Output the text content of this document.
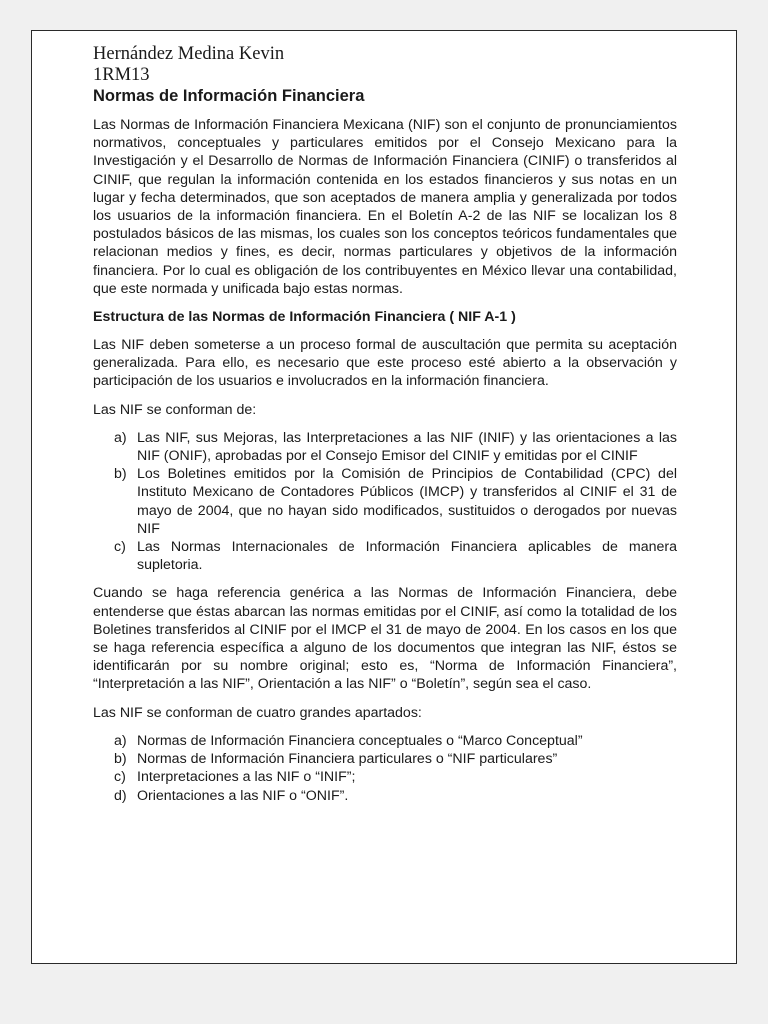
Hernández Medina Kevin

1RM13

Normas de Información Financiera

Las Normas de Información Financiera Mexicana (NIF) son el conjunto de pronunciamientos normativos, conceptuales y particulares emitidos por el Consejo Mexicano para la Investigación y el Desarrollo de Normas de Información Financiera (CINIF) o transferidos al CINIF, que regulan la información contenida en los estados financieros y sus notas en un lugar y fecha determinados, que son aceptados de manera amplia y generalizada por todos los usuarios de la información financiera. En el Boletín A-2 de las NIF se localizan los 8 postulados básicos de las mismas, los cuales son los conceptos teóricos fundamentales que relacionan medios y fines, es decir, normas particulares y objetivos de la información financiera. Por lo cual es obligación de los contribuyentes en México llevar una contabilidad, que este normada y unificada bajo estas normas.

Estructura de las Normas de Información Financiera ( NIF A-1 )

Las NIF deben someterse a un proceso formal de auscultación que permita su aceptación generalizada. Para ello, es necesario que este proceso esté abierto a la observación y participación de los usuarios e involucrados en la información financiera.

Las NIF se conforman de:

a) Las NIF, sus Mejoras, las Interpretaciones a las NIF (INIF) y las orientaciones a las NIF (ONIF), aprobadas por el Consejo Emisor del CINIF y emitidas por el CINIF
b) Los Boletines emitidos por la Comisión de Principios de Contabilidad (CPC) del Instituto Mexicano de Contadores Públicos (IMCP) y transferidos al CINIF el 31 de mayo de 2004, que no hayan sido modificados, sustituidos o derogados por nuevas NIF
c) Las Normas Internacionales de Información Financiera aplicables de manera supletoria.

Cuando se haga referencia genérica a las Normas de Información Financiera, debe entenderse que éstas abarcan las normas emitidas por el CINIF, así como la totalidad de los Boletines transferidos al CINIF por el IMCP el 31 de mayo de 2004. En los casos en los que se haga referencia específica a alguno de los documentos que integran las NIF, éstos se identificarán por su nombre original; esto es, “Norma de Información Financiera”, “Interpretación a las NIF”, Orientación a las NIF” o “Boletín”, según sea el caso.

Las NIF se conforman de cuatro grandes apartados:

a) Normas de Información Financiera conceptuales o “Marco Conceptual”
b) Normas de Información Financiera particulares o “NIF particulares”
c) Interpretaciones a las NIF o “INIF”;
d) Orientaciones a las NIF o “ONIF”.
